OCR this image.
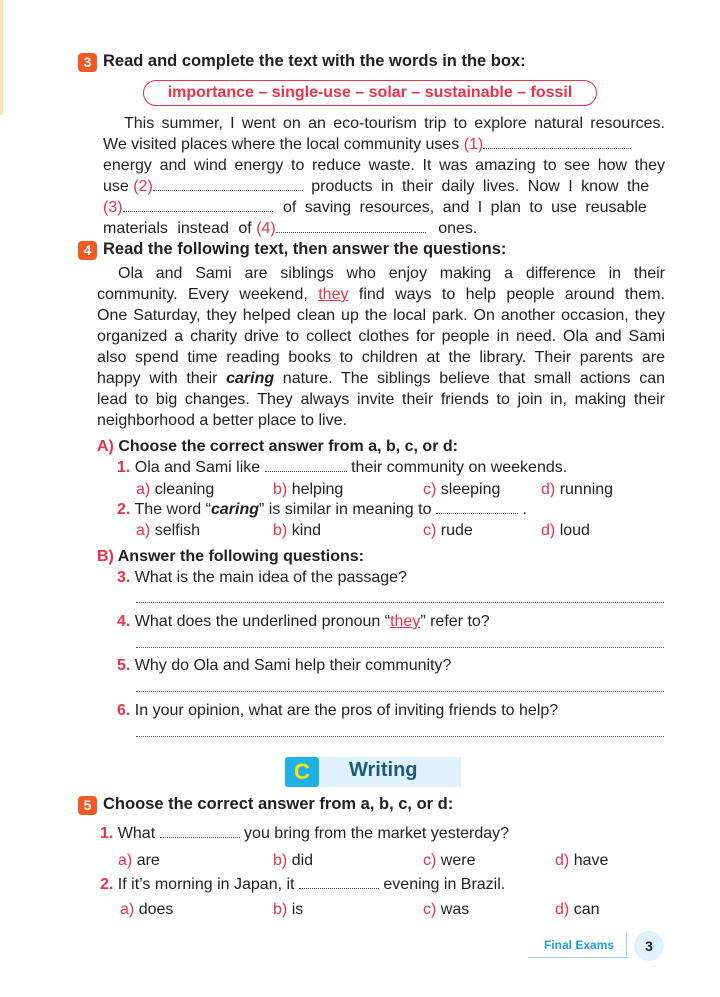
3 Read and complete the text with the words in the box:
importance – single-use – solar – sustainable – fossil
This summer, I went on an eco-tourism trip to explore natural resources.
We visited places where the local community uses (1)
energy and wind energy to reduce waste. It was amazing to see how they
use (2)	products in their daily lives. Now I know the
(3)	of saving resources, and I plan to use reusable
materials instead of (4)	ones.
4 Read the following text, then answer the questions:
Ola and Sami are siblings who enjoy making a difference in their
community. Every weekend, they find ways to help people around them.
One Saturday, they helped clean up the local park. On another occasion, they
organized a charity drive to collect clothes for people in need. Ola and Sami
also spend time reading books to children at the library. Their parents are
happy with their caring nature. The siblings believe that small actions can
lead to big changes. They always invite their friends to join in, making their
neighborhood a better place to live.
A) Choose the correct answer from a, b, c, or d:
1. Ola and Sami like	their community on weekends.
a) cleaning	b) helping	c) sleeping	d) running
2. The word “caring” is similar in meaning to	.
a) selfish	b) kind	c) rude	d) loud
B) Answer the following questions:
3. What is the main idea of the passage?
4. What does the underlined pronoun “they” refer to?
5. Why do Ola and Sami help their community?
6. In your opinion, what are the pros of inviting friends to help?
C	Writing
5 Choose the correct answer from a, b, c, or d:
1. What	you bring from the market yesterday?
a) are	b) did	c) were	d) have
2. If it’s morning in Japan, it	evening in Brazil.
a) does	b) is	c) was	d) can
Final Exams	3
